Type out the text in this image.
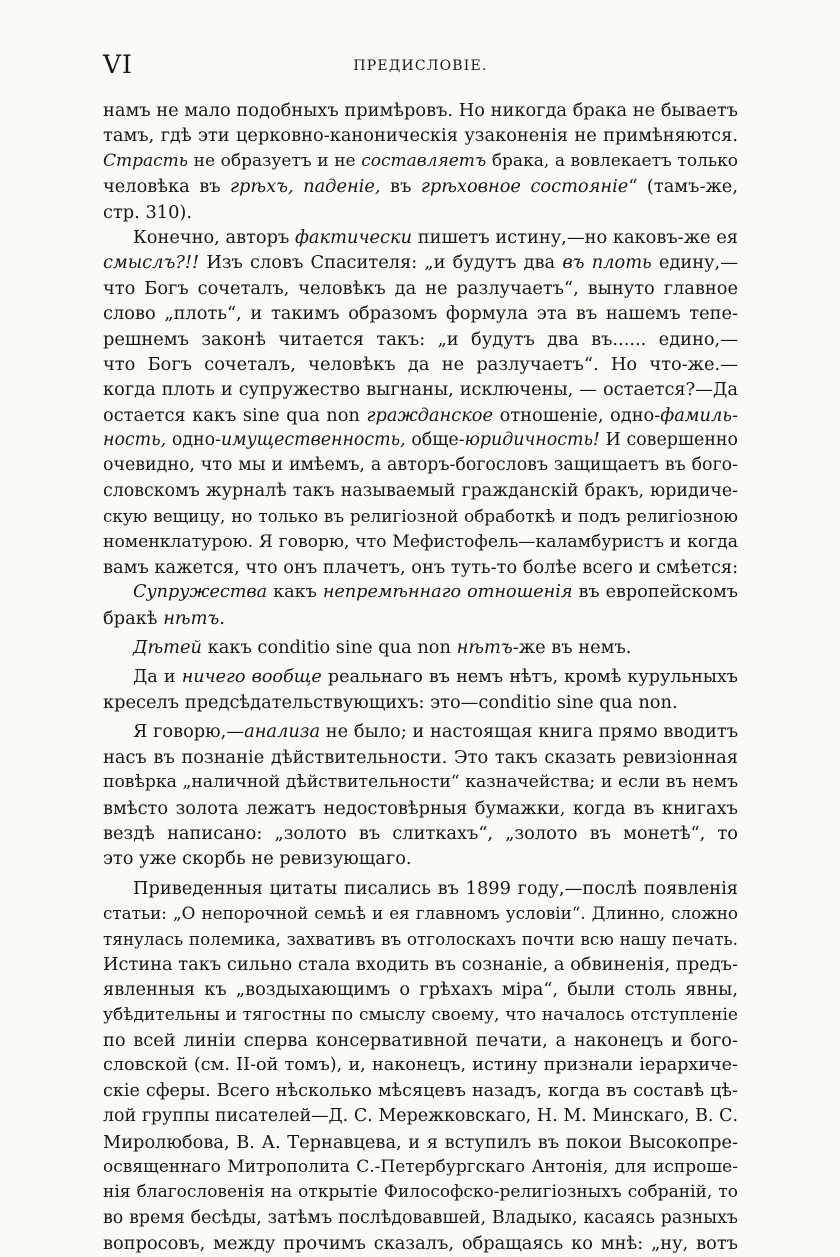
VI	ПРЕДИСЛОВІЕ.
намъ не мало подобныхъ примѣровъ. Но никогда брака не бываетъ
тамъ, гдѣ эти церковно-каноническія узаконенія не примѣняются.
Страсть не образуетъ и не составляетъ брака, а вовлекаетъ только
человѣка въ грѣхъ, паденіе, въ грѣховное состояніе“ (тамъ-же,
стр. 310).
Конечно, авторъ фактически пишетъ истину,—но каковъ-же ея
смыслъ?!! Изъ словъ Спасителя: „и будутъ два въ плоть едину,—
что Богъ сочеталъ, человѣкъ да не разлучаетъ“, вынуто главное
слово „плоть“, и такимъ образомъ формула эта въ нашемъ тепе-
решнемъ законѣ читается такъ: „и будутъ два въ...... едино,—
что Богъ сочеталъ, человѣкъ да не разлучаетъ“. Но что-же.—
когда плоть и супружество выгнаны, исключены, — остается?—Да
остается какъ sine qua non гражданское отношеніе, одно-фамиль-
ность, одно-имущественность, обще-юридичность! И совершенно
очевидно, что мы и имѣемъ, а авторъ-богословъ защищаетъ въ бого-
словскомъ журналѣ такъ называемый гражданскій бракъ, юридиче-
скую вещицу, но только въ религіозной обработкѣ и подъ религіозною
номенклатурою. Я говорю, что Мефистофель—каламбуристъ и когда
вамъ кажется, что онъ плачетъ, онъ туть-то болѣе всего и смѣется:
Супружества какъ непремѣннаго отношенія въ европейскомъ
бракѣ нѣтъ.
Дѣтей какъ conditio sine qua non нѣтъ-же въ немъ.
Да и ничего вообще реальнаго въ немъ нѣтъ, кромѣ курульныхъ
креселъ предсѣдательствующихъ: это—conditio sine qua non.
Я говорю,—анализа не было; и настоящая книга прямо вводитъ
насъ въ познаніе дѣйствительности. Это такъ сказать ревизіонная
повѣрка „наличной дѣйствительности“ казначейства; и если въ немъ
вмѣсто золота лежатъ недостовѣрныя бумажки, когда въ книгахъ
вездѣ написано: „золото въ слиткахъ“, „золото въ монетѣ“, то
это уже скорбь не ревизующаго.
Приведенныя цитаты писались въ 1899 году,—послѣ появленія
статьи: „О непорочной семьѣ и ея главномъ условіи“. Длинно, сложно
тянулась полемика, захвативъ въ отголоскахъ почти всю нашу печать.
Истина такъ сильно стала входить въ сознаніе, а обвиненія, предъ-
явленныя къ „воздыхающимъ о грѣхахъ міра“, были столь явны,
убѣдительны и тягостны по смыслу своему, что началось отступленіе
по всей линіи сперва консервативной печати, а наконецъ и бого-
словской (см. II-ой томъ), и, наконецъ, истину признали іерархиче-
скіе сферы. Всего нѣсколько мѣсяцевъ назадъ, когда въ составѣ цѣ-
лой группы писателей—Д. С. Мережковскаго, Н. М. Минскаго, В. С.
Миролюбова, В. А. Тернавцева, и я вступилъ въ покои Высокопре-
освященнаго Митрополита С.-Петербургскаго Антонія, для испроше-
нія благословенія на открытіе Философско-религіозныхъ собраній, то
во время бесѣды, затѣмъ послѣдовавшей, Владыко, касаясь разныхъ
вопросовъ, между прочимъ сказалъ, обращаясь ко мнѣ: „ну, вотъ
